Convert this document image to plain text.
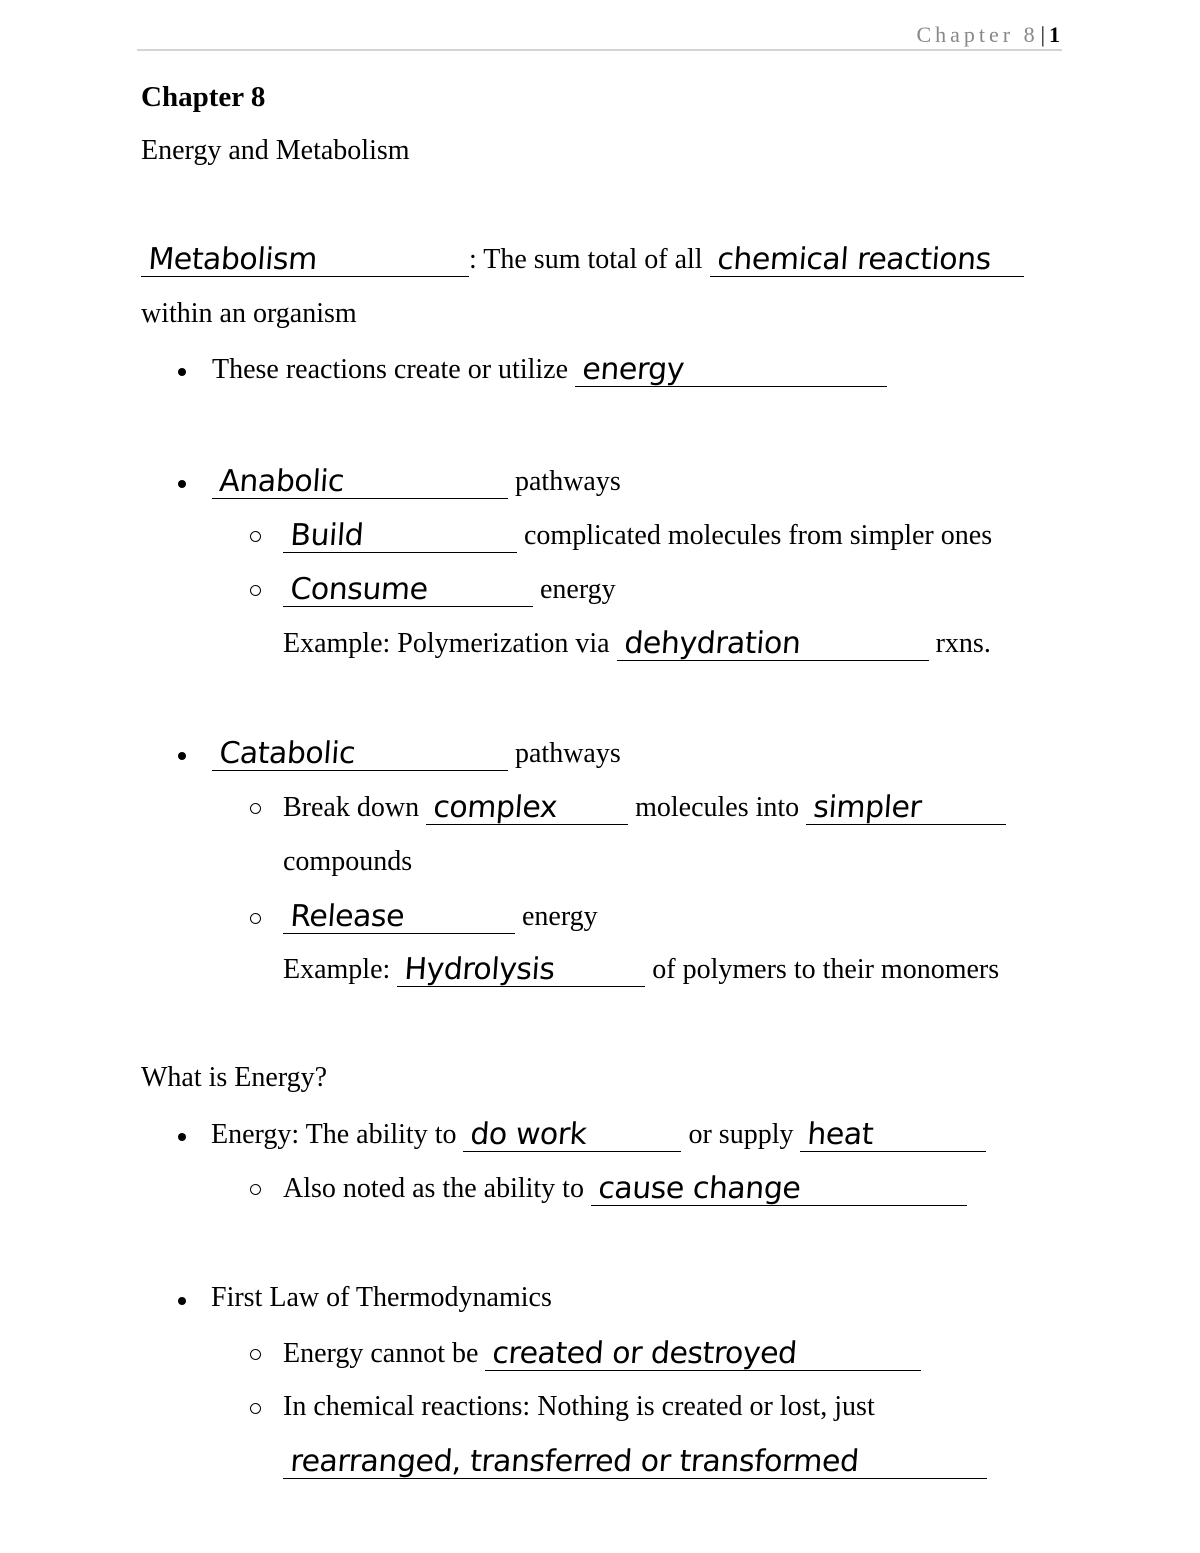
Chapter 8| 1
Chapter 8
Energy and Metabolism
Metabolism	: The sum total of all chemical reactions
within an organism
These reactions create or utilize energy
Anabolic	pathways
Build	complicated molecules from simpler ones
Consume	energy
Example: Polymerization via dehydration	rxns.
Catabolic	pathways
Break down complex	molecules into simpler
compounds
Release	energy
Example: Hydrolysis	of polymers to their monomers
What is Energy?
Energy: The ability to do work	or supply heat
Also noted as the ability to cause change
First Law of Thermodynamics
Energy cannot be created or destroyed
In chemical reactions: Nothing is created or lost, just
rearranged, transferred or transformed
